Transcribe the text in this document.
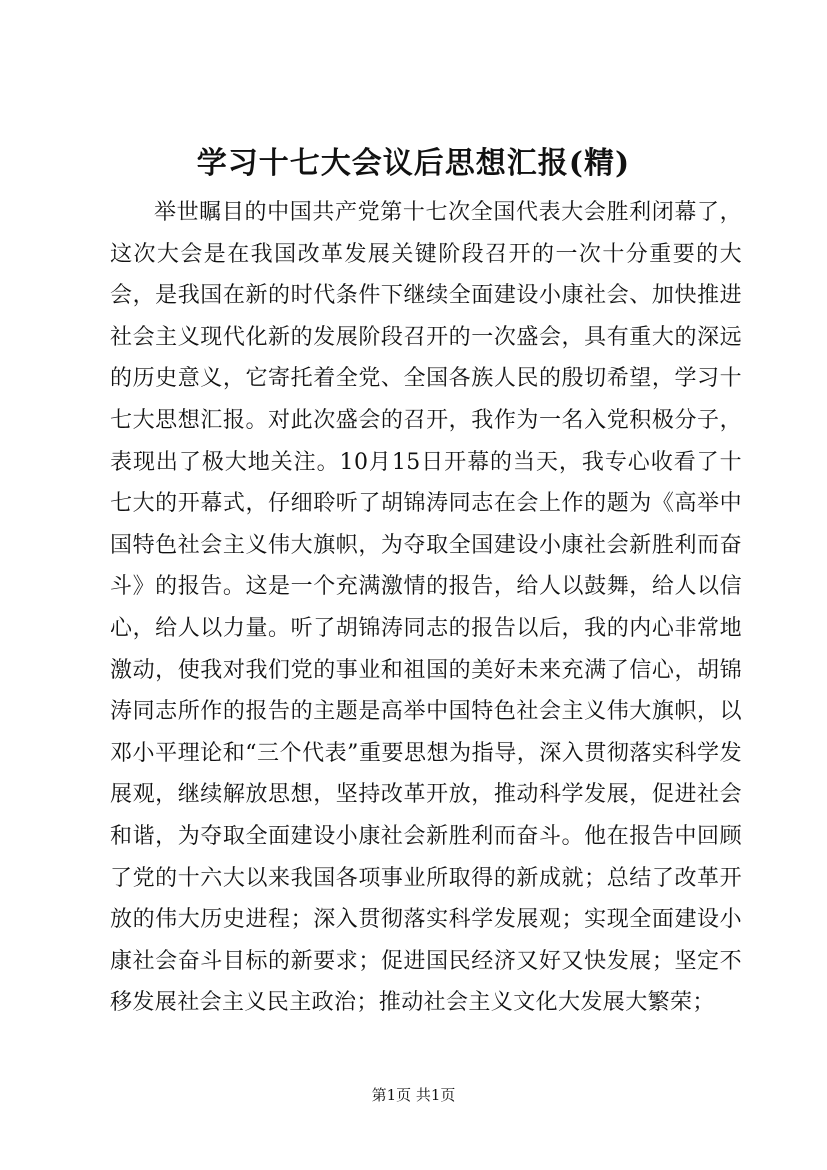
学习十七大会议后思想汇报(精)

举世瞩目的中国共产党第十七次全国代表大会胜利闭幕了，这次大会是在我国改革发展关键阶段召开的一次十分重要的大会，是我国在新的时代条件下继续全面建设小康社会、加快推进社会主义现代化新的发展阶段召开的一次盛会，具有重大的深远的历史意义，它寄托着全党、全国各族人民的殷切希望，学习十七大思想汇报。对此次盛会的召开，我作为一名入党积极分子，表现出了极大地关注。10月15日开幕的当天，我专心收看了十七大的开幕式，仔细聆听了胡锦涛同志在会上作的题为《高举中国特色社会主义伟大旗帜，为夺取全国建设小康社会新胜利而奋斗》的报告。这是一个充满激情的报告，给人以鼓舞，给人以信心，给人以力量。听了胡锦涛同志的报告以后，我的内心非常地激动，使我对我们党的事业和祖国的美好未来充满了信心，胡锦涛同志所作的报告的主题是高举中国特色社会主义伟大旗帜，以邓小平理论和“三个代表”重要思想为指导，深入贯彻落实科学发展观，继续解放思想，坚持改革开放，推动科学发展，促进社会和谐，为夺取全面建设小康社会新胜利而奋斗。他在报告中回顾了党的十六大以来我国各项事业所取得的新成就；总结了改革开放的伟大历史进程；深入贯彻落实科学发展观；实现全面建设小康社会奋斗目标的新要求；促进国民经济又好又快发展；坚定不移发展社会主义民主政治；推动社会主义文化大发展大繁荣；

第1页 共1页
